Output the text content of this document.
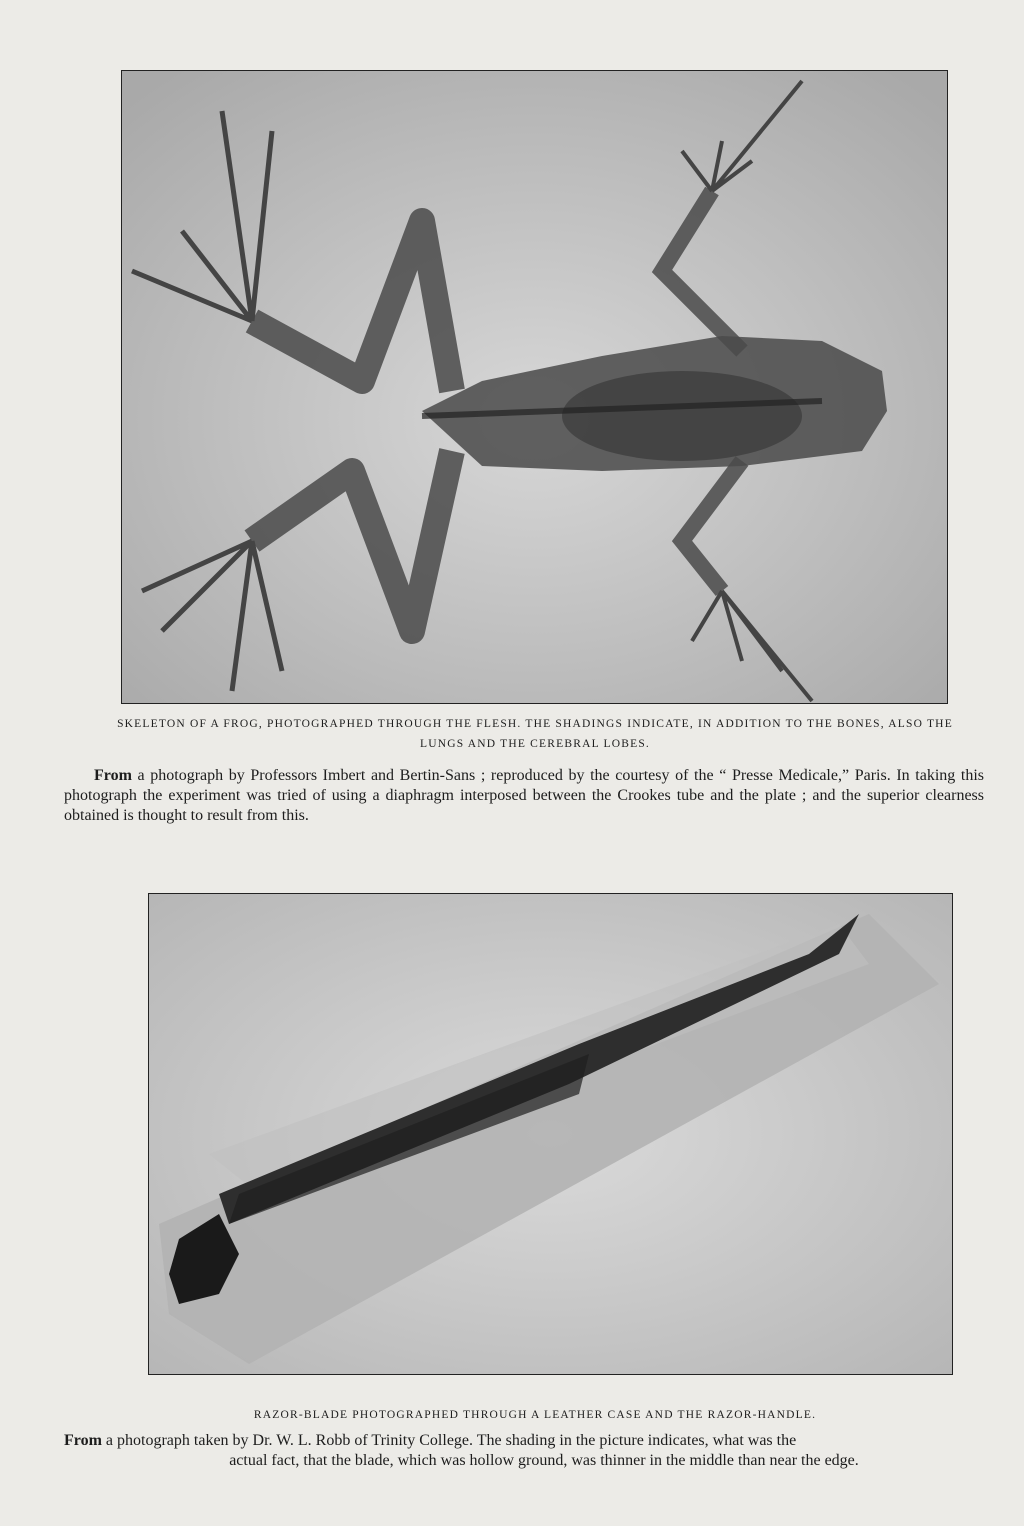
SKELETON OF A FROG, PHOTOGRAPHED THROUGH THE FLESH. THE SHADINGS INDICATE, IN ADDITION TO THE BONES, ALSO THE LUNGS AND THE CEREBRAL LOBES.

From a photograph by Professors Imbert and Bertin-Sans ; reproduced by the courtesy of the “ Presse Medicale,” Paris. In taking this photograph the experiment was tried of using a diaphragm interposed between the Crookes tube and the plate ; and the superior clearness obtained is thought to result from this.

RAZOR-BLADE PHOTOGRAPHED THROUGH A LEATHER CASE AND THE RAZOR-HANDLE.

From a photograph taken by Dr. W. L. Robb of Trinity College. The shading in the picture indicates, what was the
actual fact, that the blade, which was hollow ground, was thinner in the middle than near the edge.
